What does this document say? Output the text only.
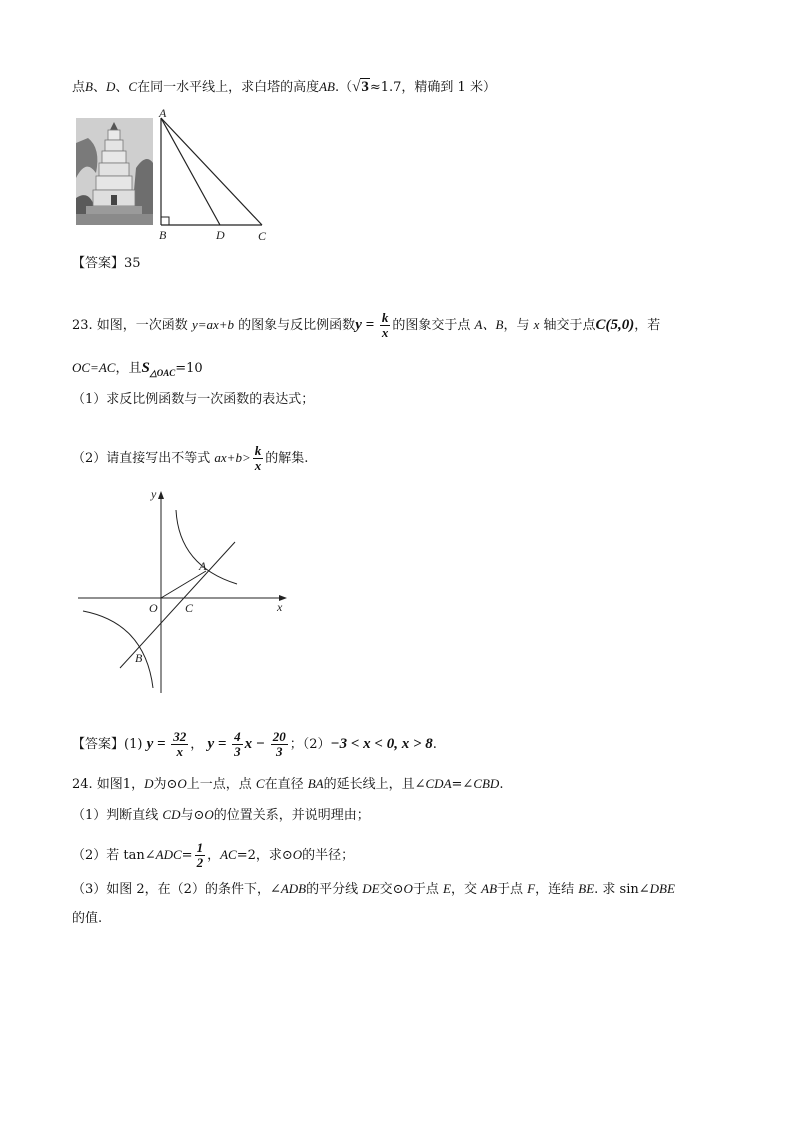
点B、D、C在同一水平线上，求白塔的高度AB.（√3≈1.7，精确到 1 米）
A
B	D	C
【答案】35
23. 如图，一次函数 y=ax+b 的图象与反比例函数$y = \frac{k}{x}$ 的图象交于点 A、B，与 x 轴交于点C(5,0)，若
OC=AC，且$S_{\triangle OAC}=10$
（1）求反比例函数与一次函数的表达式；
（2）请直接写出不等式 $ax+b> \frac{k}{x}$ 的解集.
y
x
O C
A
B
【答案】(1) $y = \frac{32}{x}$ ， $y = \frac{4}{3}$ $x - \frac{20}{3}$ ；（2）−3 < x < 0, x > 8.
24. 如图1，D为⊙O上一点，点 C在直径 BA的延长线上，且∠CDA=∠CBD.
（1）判断直线 CD与⊙O的位置关系，并说明理由；
（2）若 tan∠ADC= $\frac{1}{2}$ ，AC=2，求⊙O的半径；
（3）如图 2，在（2）的条件下，∠ADB的平分线 DE交⊙O于点 E，交 AB于点 F，连结 BE. 求 sin∠DBE
的值.
